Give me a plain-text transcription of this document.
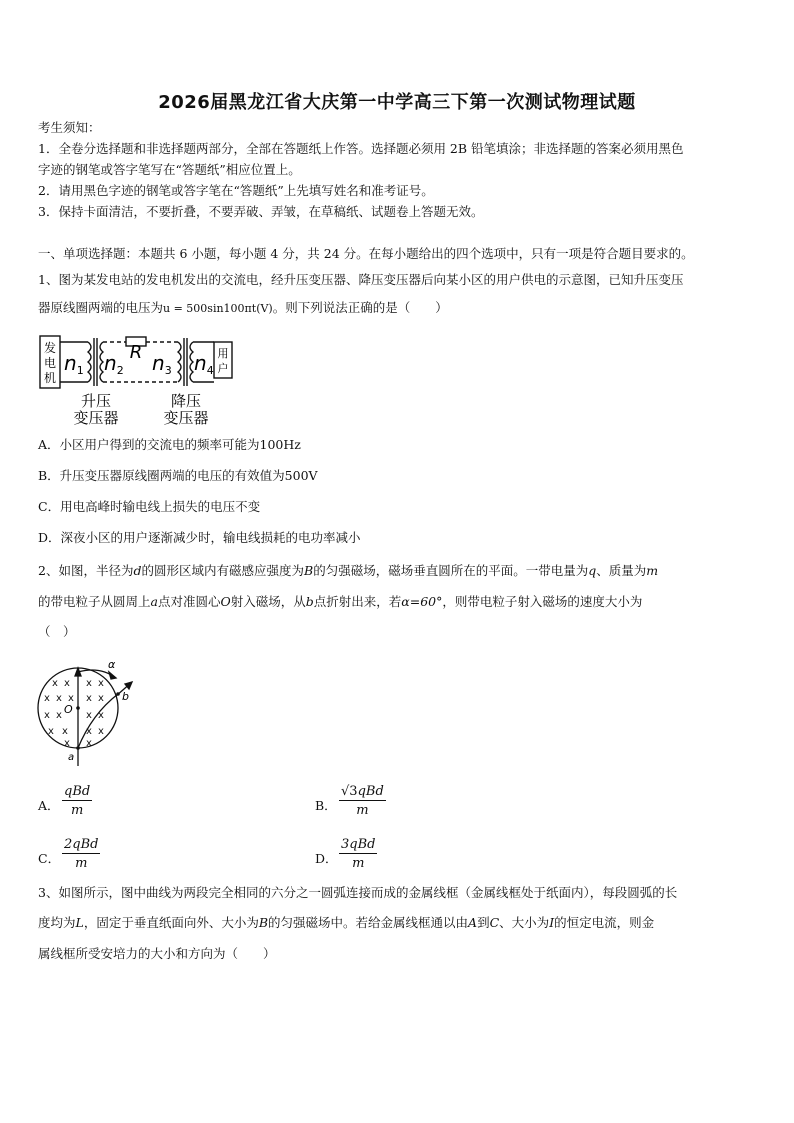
2026届黑龙江省大庆第一中学高三下第一次测试物理试题
考生须知：
1．全卷分选择题和非选择题两部分，全部在答题纸上作答。选择题必须用 2B 铅笔填涂；非选择题的答案必须用黑色
字迹的钢笔或答字笔写在“答题纸”相应位置上。
2．请用黑色字迹的钢笔或答字笔在“答题纸”上先填写姓名和准考证号。
3．保持卡面清洁，不要折叠，不要弄破、弄皱，在草稿纸、试题卷上答题无效。
一、单项选择题：本题共 6 小题，每小题 4 分，共 24 分。在每小题给出的四个选项中，只有一项是符合题目要求的。
1、图为某发电站的发电机发出的交流电，经升压变压器、降压变压器后向某小区的用户供电的示意图，已知升压变压
器原线圈两端的电压为u = 500sin100πt(V)。则下列说法正确的是（　　）
发
电
机
$n_1$ $n_2$ $n_3$ $n_4$
R	用
户
升压
变压器
降压
变压器
A．小区用户得到的交流电的频率可能为100Hz
B．升压变压器原线圈两端的电压的有效值为500V
C．用电高峰时输电线上损失的电压不变
D．深夜小区的用户逐渐减少时，输电线损耗的电功率减小
2、如图，半径为d的圆形区域内有磁感应强度为B的匀强磁场，磁场垂直圆所在的平面。一带电量为q、质量为m
的带电粒子从圆周上a点对准圆心O射入磁场，从b点折射出来，若α=60°，则带电粒子射入磁场的速度大小为
（　）
x x x x
x x x x x
x x x x
x x x x
x x
O
b
α
a
A．
qBd
m	B．
√3qBd
m
C．
2qBd
m	D．
3qBd
m
3、如图所示，图中曲线为两段完全相同的六分之一圆弧连接而成的金属线框（金属线框处于纸面内），每段圆弧的长
度均为L，固定于垂直纸面向外、大小为B的匀强磁场中。若给金属线框通以由A到C、大小为I的恒定电流，则金
属线框所受安培力的大小和方向为（　　）
